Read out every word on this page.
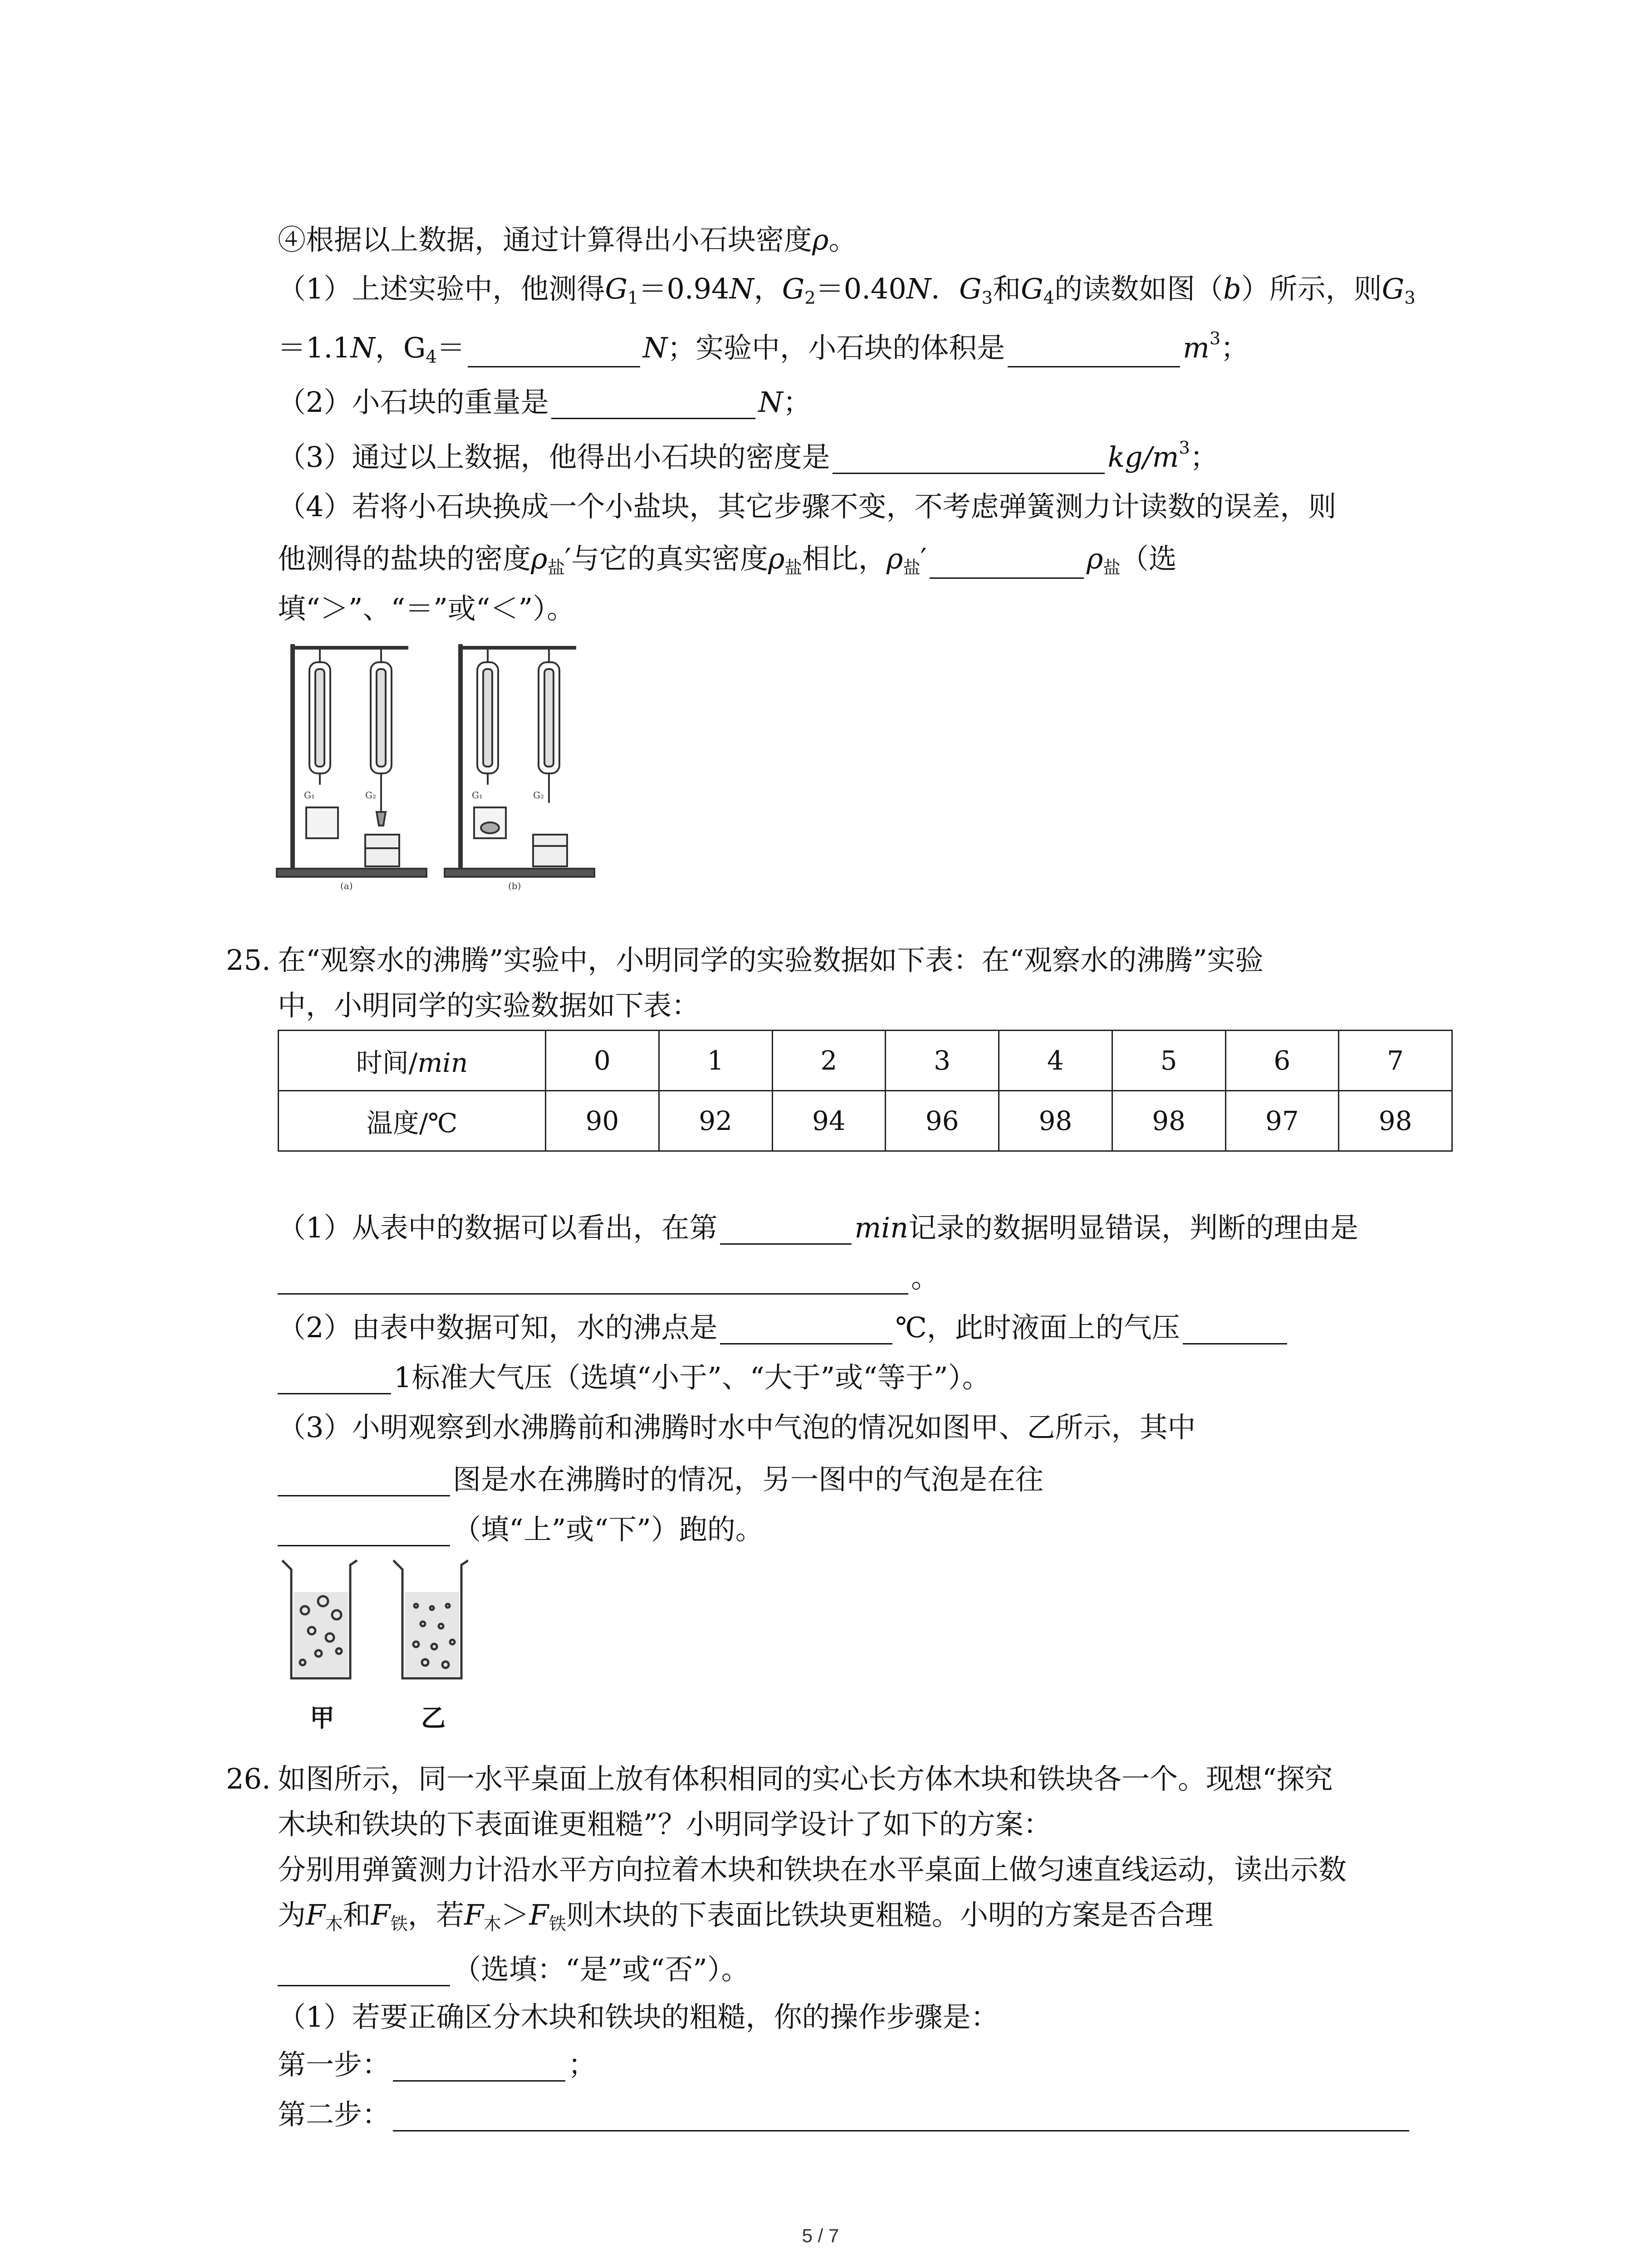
④根据以上数据，通过计算得出小石块密度ρ。
（1）上述实验中，他测得$G_1=0.94N$，$G_2=0.40N$．$G_3$和$G_4$的读数如图（b）所示，则$G_3$
＝1.1N，$G_4=$	N；实验中，小石块的体积是	$m^3$；
（2）小石块的重量是	N；
（3）通过以上数据，他得出小石块的密度是	$kg/m^3$；
（4）若将小石块换成一个小盐块，其它步骤不变，不考虑弹簧测力计读数的误差，则
他测得的盐块的密度$\rho_盐'$与它的真实密度$\rho_盐$相比，$\rho_盐'$	$\rho_盐$（选
填“＞”、“＝”或“＜”）。
G₁	G₂	G₁	G₂
(a)	(b)
25. 在“观察水的沸腾”实验中，小明同学的实验数据如下表：在“观察水的沸腾”实验
中，小明同学的实验数据如下表：
时间/min	0	1	2	3	4	5	6	7
温度/℃	90	92	94	96	98	98	97	98
（1）从表中的数据可以看出，在第	min记录的数据明显错误，判断的理由是
。
（2）由表中数据可知，水的沸点是	℃，此时液面上的气压
1标准大气压（选填“小于”、“大于”或“等于”）。
（3）小明观察到水沸腾前和沸腾时水中气泡的情况如图甲、乙所示，其中
图是水在沸腾时的情况，另一图中的气泡是在往
（填“上”或“下”）跑的。
甲	乙
26. 如图所示，同一水平桌面上放有体积相同的实心长方体木块和铁块各一个。现想“探究
木块和铁块的下表面谁更粗糙”？小明同学设计了如下的方案：
分别用弹簧测力计沿水平方向拉着木块和铁块在水平桌面上做匀速直线运动，读出示数
为$F_木$和$F_铁$，若$F_木>F_铁$则木块的下表面比铁块更粗糙。小明的方案是否合理
（选填：“是”或“否”）。
（1）若要正确区分木块和铁块的粗糙，你的操作步骤是：
第一步：	；
第二步：
5 / 7
